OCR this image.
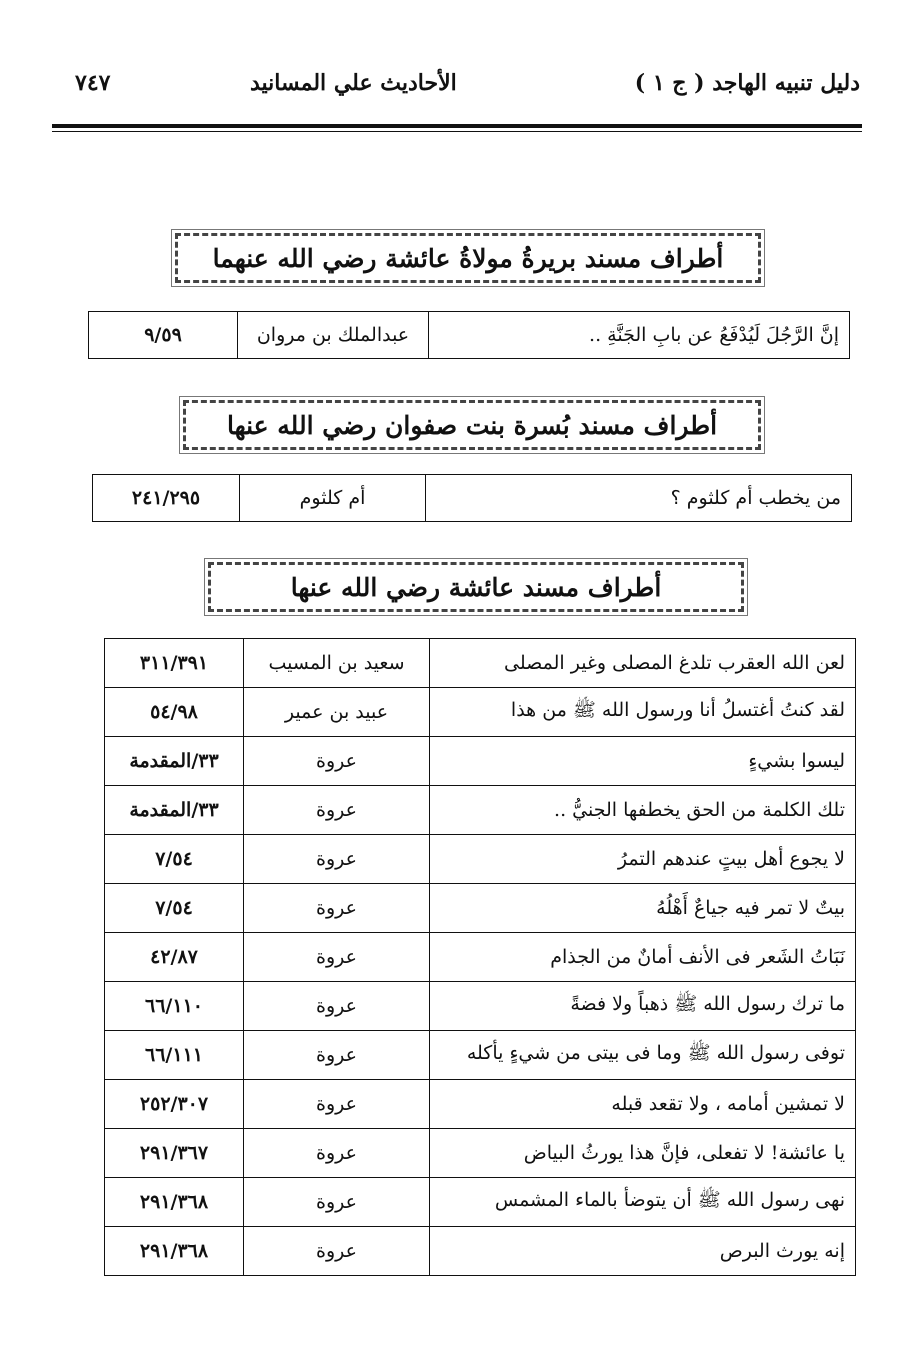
دليل تنبيه الهاجد ( ج ١ )
الأحاديث علي المسانيد
٧٤٧
أطراف مسند بريرةُ مولاةُ عائشة رضي الله عنهما
إنَّ الرَّجُلَ لَيُدْفَعُ عن بابِ الجَنَّةِ ..	عبدالملك بن مروان	٩/٥٩
أطراف مسند بُسرة بنت صفوان رضي الله عنها
من يخطب أم كلثوم ؟	أم كلثوم	٢٤١/٢٩٥
أطراف مسند عائشة رضي الله عنها
لعن الله العقرب تلدغ المصلى وغير المصلى	سعيد بن المسيب	٣١١/٣٩١
لقد كنتُ أغتسلُ أنا ورسول الله ﷺ من هذا	عبيد بن عمير	٥٤/٩٨
ليسوا بشيءٍ	عروة	٣٣/المقدمة
تلك الكلمة من الحق يخطفها الجنيُّ ..	عروة	٣٣/المقدمة
لا يجوع أهل بيتٍ عندهم التمرُ	عروة	٧/٥٤
بيتٌ لا تمر فيه جياعٌ أَهْلُهُ	عروة	٧/٥٤
نَبَاتُ الشَعر فى الأنف أمانٌ من الجذام	عروة	٤٢/٨٧
ما ترك رسول الله ﷺ ذهباً ولا فضةً	عروة	٦٦/١١٠
توفى رسول الله ﷺ وما فى بيتى من شيءٍ يأكله	عروة	٦٦/١١١
لا تمشين أمامه ، ولا تقعد قبله	عروة	٢٥٢/٣٠٧
يا عائشة! لا تفعلى، فإنَّ هذا يورثُ البياض	عروة	٢٩١/٣٦٧
نهى رسول الله ﷺ أن يتوضأ بالماء المشمس	عروة	٢٩١/٣٦٨
إنه يورث البرص	عروة	٢٩١/٣٦٨
